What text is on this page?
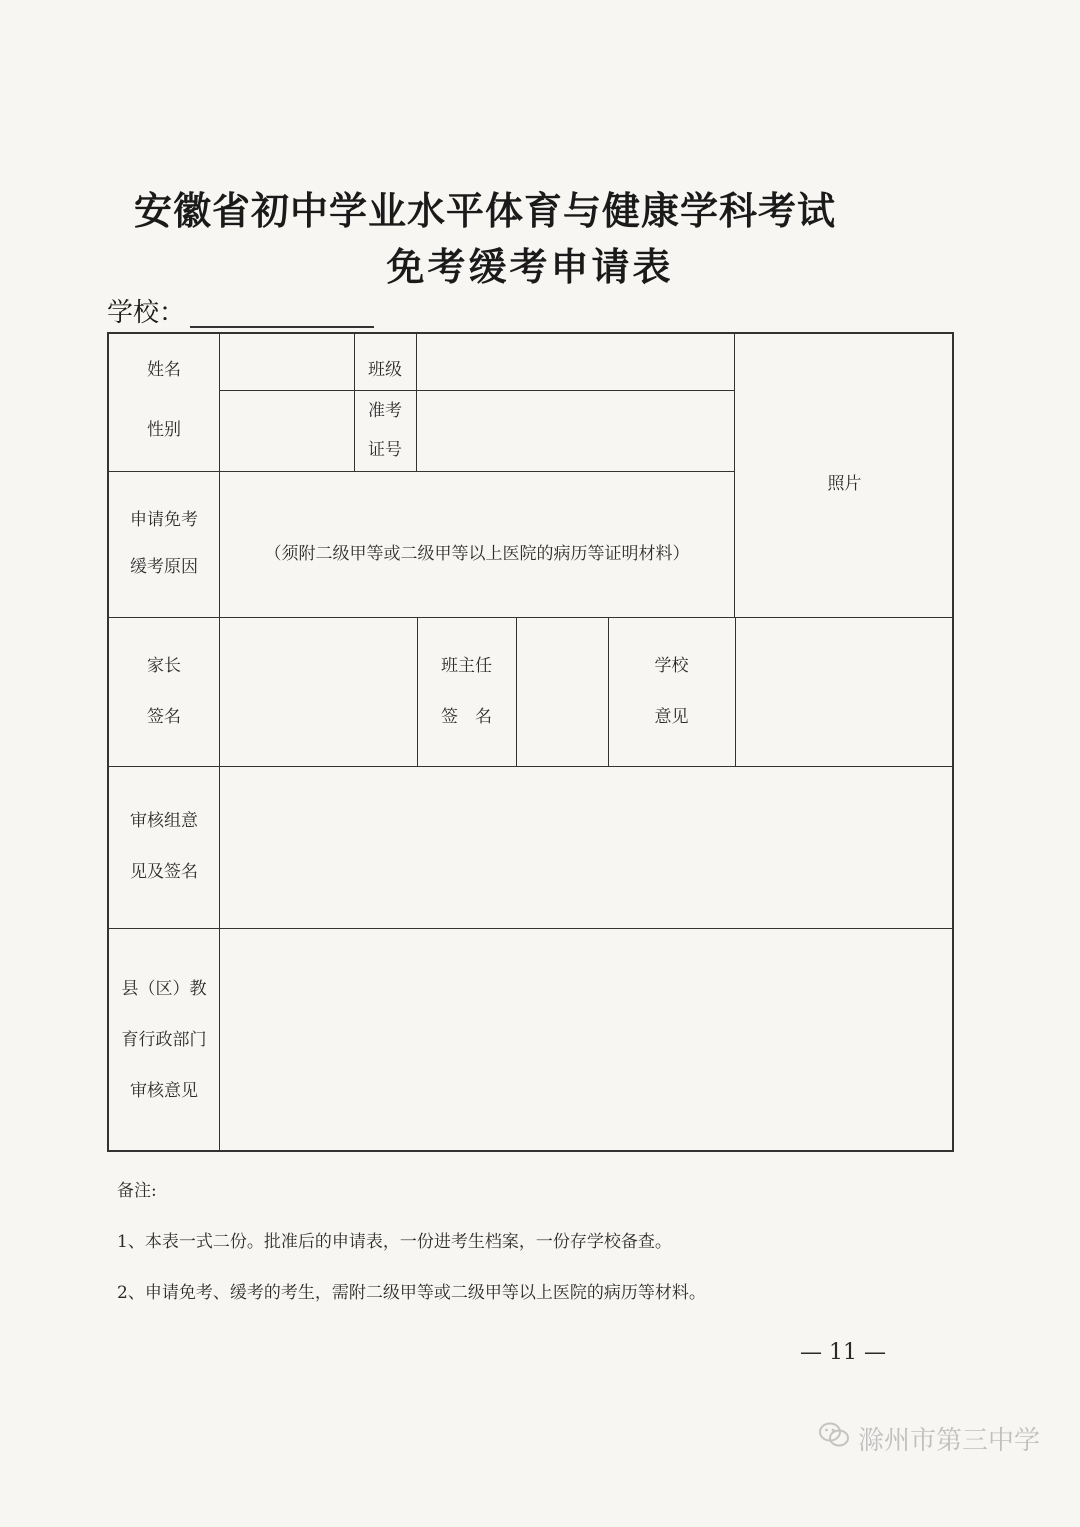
安徽省初中学业水平体育与健康学科考试
免考缓考申请表
学校：
姓名	班级
性别
准考
证号
照片
申请免考
缓考原因
（须附二级甲等或二级甲等以上医院的病历等证明材料）
家长
签名
班主任
签　名
学校
意见
审核组意
见及签名
县（区）教
育行政部门
审核意见
备注:
1、本表一式二份。批准后的申请表，一份进考生档案，一份存学校备查。
2、申请免考、缓考的考生，需附二级甲等或二级甲等以上医院的病历等材料。
— 11 —
滁州市第三中学
